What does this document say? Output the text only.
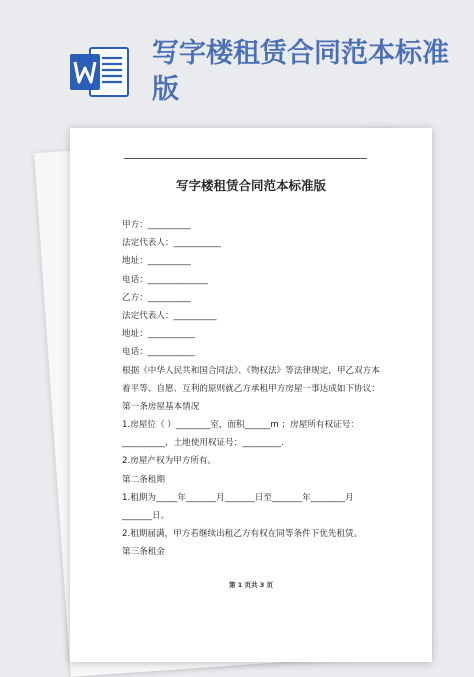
写字楼租赁合同范本标准版
写字楼租赁合同范本标准版
甲方：__________
法定代表人：___________
地址：__________
电话：______________
乙方：__________
法定代表人：__________
地址：___________
电话：___________
根据《中华人民共和国合同法》、《物权法》等法律规定，甲乙双方本
着平等、自愿、互利的原则就乙方承租甲方房屋一事达成如下协议：
第一条房屋基本情况
1.房屋位（ ）________室，面积______m ；房屋所有权证号：
__________，土地使用权证号：_________.
2.房屋产权为甲方所有。
第二条租期
1.租期为_____年_______月_______日至_______年________月
_______日。
2.租期届满，甲方若继续出租乙方有权在同等条件下优先租赁。
第三条租金
第 1 页共 3 页
